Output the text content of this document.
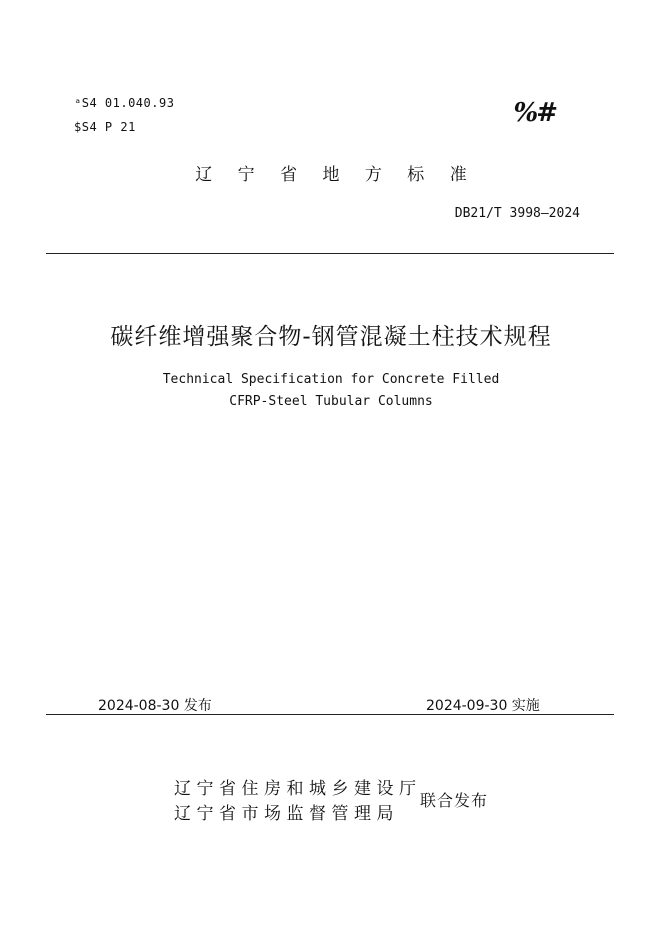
ᵃS4 01.040.93
$S4 P 21	%#
辽 宁 省 地 方 标 准
DB21/T 3998—2024
碳纤维增强聚合物-钢管混凝土柱技术规程
Technical Specification for Concrete Filled
CFRP-Steel Tubular Columns
2024-08-30 发布	2024-09-30 实施
辽宁省住房和城乡建设厅
辽宁省市场监督管理局
联合发布
